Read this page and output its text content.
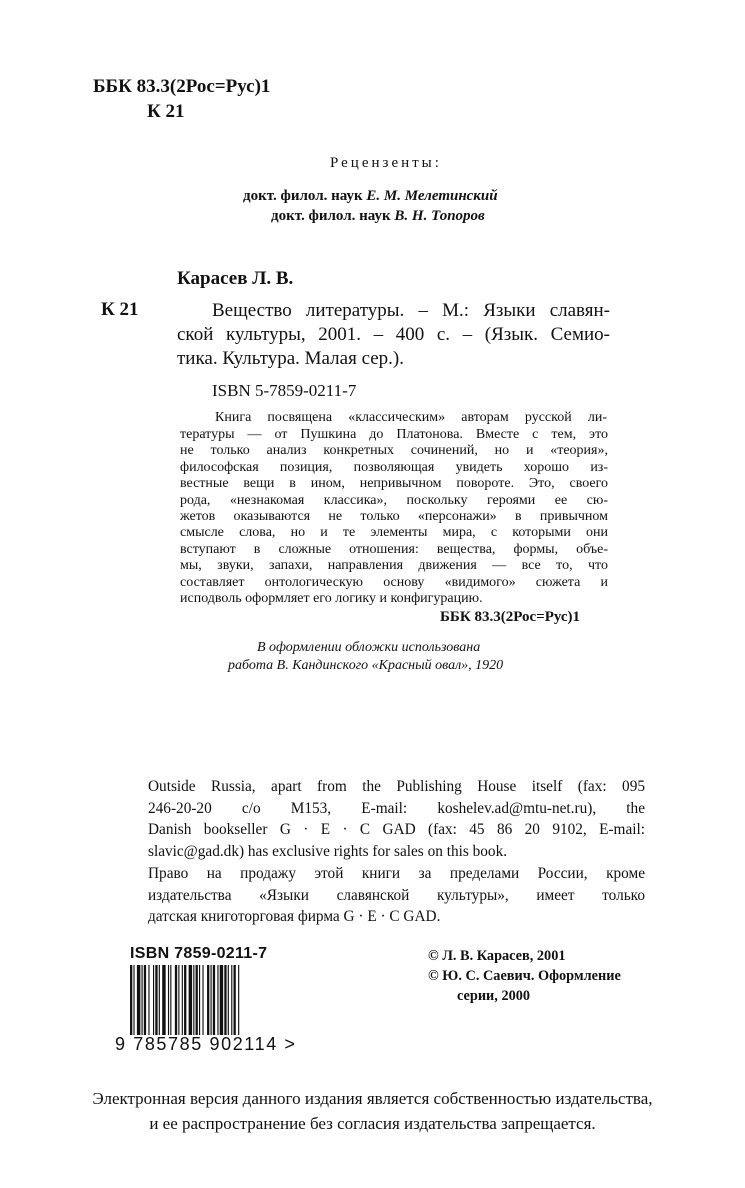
ББК 83.3(2Рос=Рус)1
К 21
Рецензенты:
докт. филол. наук Е. М. Мелетинский
докт. филол. наук В. Н. Топоров
Карасев Л. В.
К 21	Вещество литературы. – М.: Языки славян-
ской культуры, 2001. – 400 с. – (Язык. Семио-
тика. Культура. Малая сер.).
ISBN 5-7859-0211-7
Книга посвящена «классическим» авторам русской ли-
тературы — от Пушкина до Платонова. Вместе с тем, это
не только анализ конкретных сочинений, но и «теория»,
философская позиция, позволяющая увидеть хорошо из-
вестные вещи в ином, непривычном повороте. Это, своего
рода, «незнакомая классика», поскольку героями ее сю-
жетов оказываются не только «персонажи» в привычном
смысле слова, но и те элементы мира, с которыми они
вступают в сложные отношения: вещества, формы, объе-
мы, звуки, запахи, направления движения — все то, что
составляет онтологическую основу «видимого» сюжета и
исподволь оформляет его логику и конфигурацию.
ББК 83.3(2Рос=Рус)1
В оформлении обложки использована
работа В. Кандинского «Красный овал», 1920
Outside Russia, apart from the Publishing House itself (fax: 095
246-20-20 c/o M153, E-mail: koshelev.ad@mtu-net.ru), the
Danish bookseller G · E · C GAD (fax: 45 86 20 9102, E-mail:
slavic@gad.dk) has exclusive rights for sales on this book.
Право на продажу этой книги за пределами России, кроме
издательства «Языки славянской культуры», имеет только
датская книготорговая фирма G · E · C GAD.
ISBN 7859-0211-7
9 785785 902114 >
© Л. В. Карасев, 2001
© Ю. С. Саевич. Оформление
серии, 2000
Электронная версия данного издания является собственностью издательства,
и ее распространение без согласия издательства запрещается.
